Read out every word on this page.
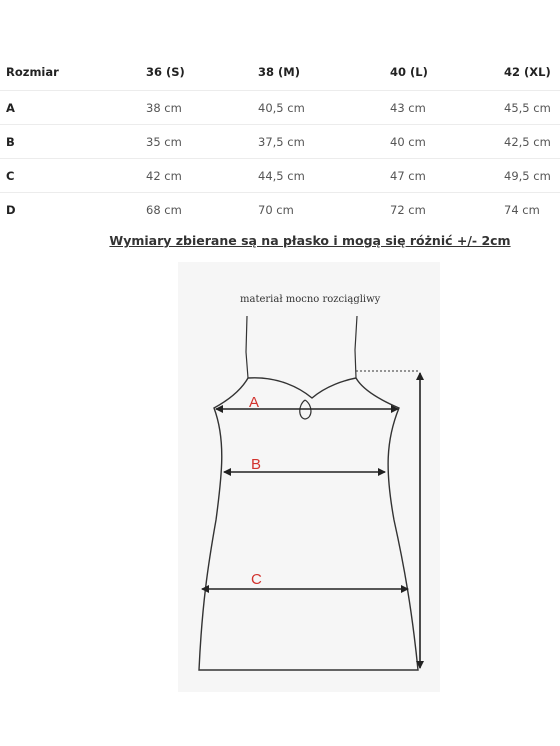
Rozmiar	36 (S)	38 (M)	40 (L)	42 (XL)
A	38 cm	40,5 cm	43 cm	45,5 cm
B	35 cm	37,5 cm	40 cm	42,5 cm
C	42 cm	44,5 cm	47 cm	49,5 cm
D	68 cm	70 cm	72 cm	74 cm
Wymiary zbierane są na płasko i mogą się różnić +/- 2cm
materiał mocno rozciągliwy
A
B
C
